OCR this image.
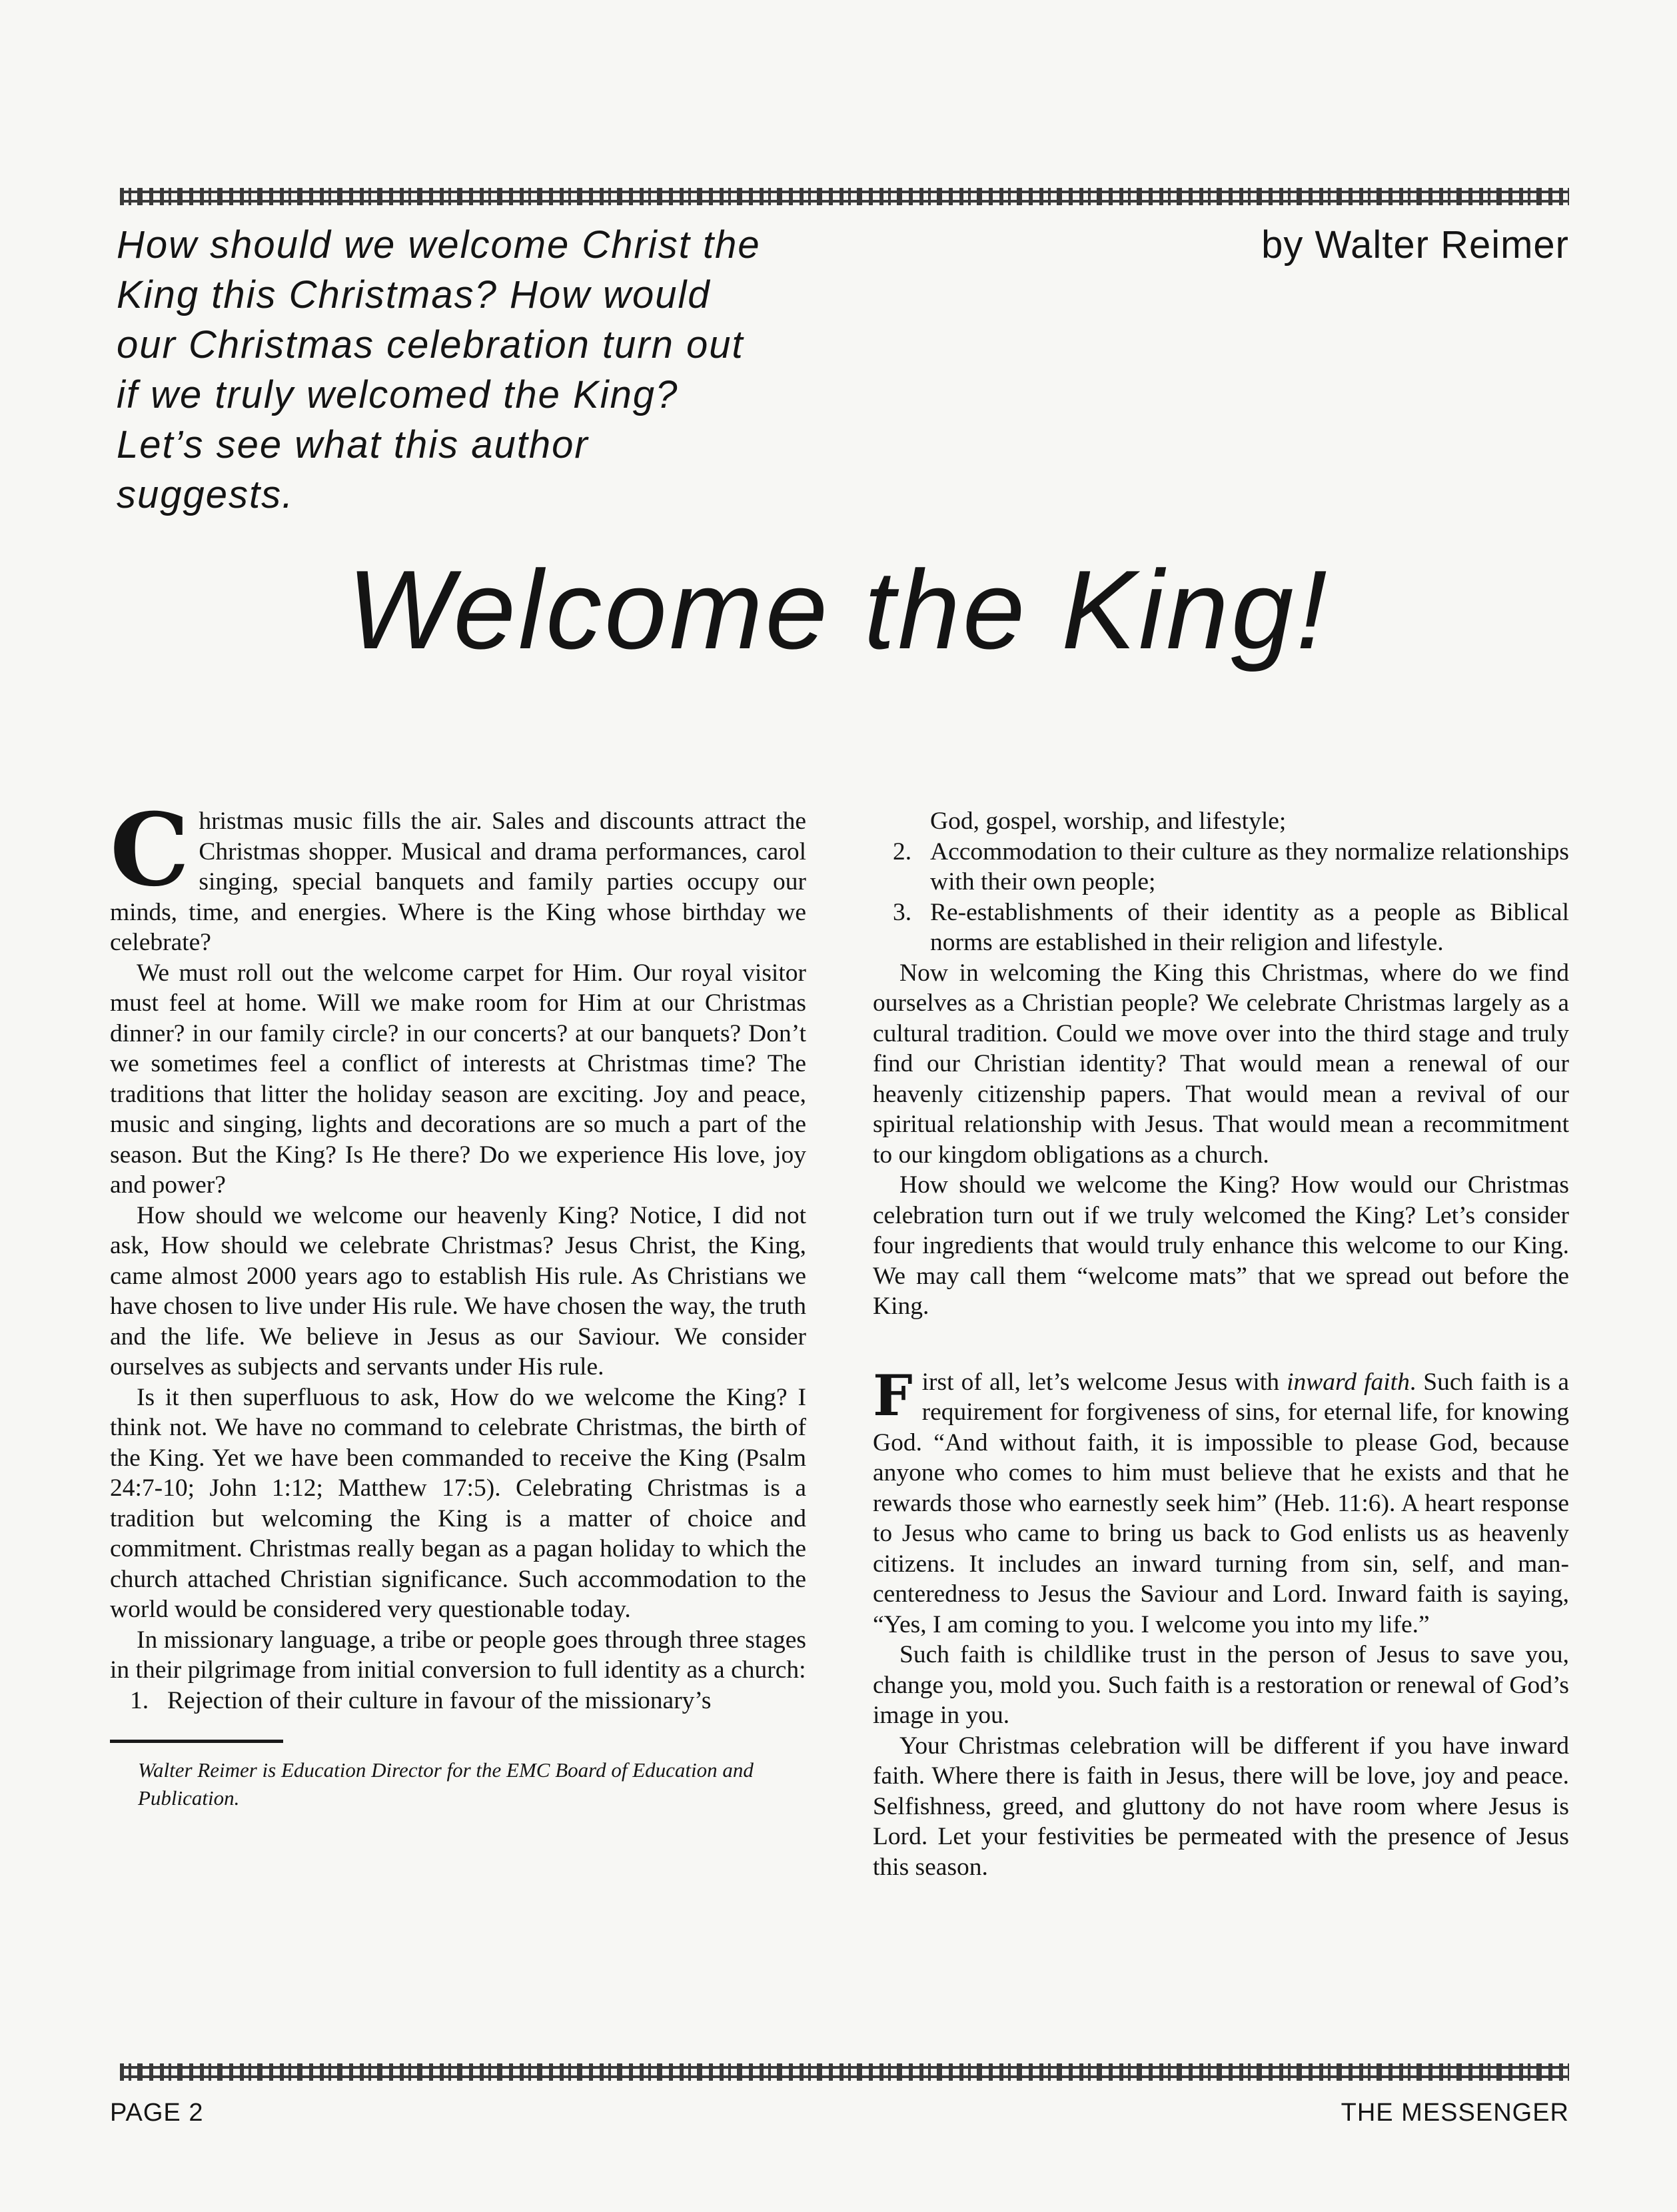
How should we welcome Christ the King this Christmas? How would our Christmas celebration turn out if we truly welcomed the King? Let’s see what this author suggests.
by Walter Reimer
Welcome the King!

Christmas music fills the air. Sales and discounts attract the Christmas shopper. Musical and drama performances, carol singing, special banquets and family parties occupy our minds, time, and energies. Where is the King whose birthday we celebrate?

We must roll out the welcome carpet for Him. Our royal visitor must feel at home. Will we make room for Him at our Christmas dinner? in our family circle? in our concerts? at our banquets? Don’t we sometimes feel a conflict of interests at Christmas time? The traditions that litter the holiday season are exciting. Joy and peace, music and singing, lights and decorations are so much a part of the season. But the King? Is He there? Do we experience His love, joy and power?

How should we welcome our heavenly King? Notice, I did not ask, How should we celebrate Christmas? Jesus Christ, the King, came almost 2000 years ago to establish His rule. As Christians we have chosen to live under His rule. We have chosen the way, the truth and the life. We believe in Jesus as our Saviour. We consider ourselves as subjects and servants under His rule.

Is it then superfluous to ask, How do we welcome the King? I think not. We have no command to celebrate Christmas, the birth of the King. Yet we have been commanded to receive the King (Psalm 24:7-10; John 1:12; Matthew 17:5). Celebrating Christmas is a tradition but welcoming the King is a matter of choice and commitment. Christmas really began as a pagan holiday to which the church attached Christian significance. Such accommodation to the world would be considered very questionable today.

In missionary language, a tribe or people goes through three stages in their pilgrimage from initial conversion to full identity as a church:

1. Rejection of their culture in favour of the missionary’s
Walter Reimer is Education Director for the EMC Board of Education and Publication.
God, gospel, worship, and lifestyle;
2. Accommodation to their culture as they normalize relationships with their own people;
3. Re-establishments of their identity as a people as Biblical norms are established in their religion and lifestyle.

Now in welcoming the King this Christmas, where do we find ourselves as a Christian people? We celebrate Christmas largely as a cultural tradition. Could we move over into the third stage and truly find our Christian identity? That would mean a renewal of our heavenly citizenship papers. That would mean a revival of our spiritual relationship with Jesus. That would mean a recommitment to our kingdom obligations as a church.

How should we welcome the King? How would our Christmas celebration turn out if we truly welcomed the King? Let’s consider four ingredients that would truly enhance this welcome to our King. We may call them “welcome mats” that we spread out before the King.

First of all, let’s welcome Jesus with inward faith. Such faith is a requirement for forgiveness of sins, for eternal life, for knowing God. “And without faith, it is impossible to please God, because anyone who comes to him must believe that he exists and that he rewards those who earnestly seek him” (Heb. 11:6). A heart response to Jesus who came to bring us back to God enlists us as heavenly citizens. It includes an inward turning from sin, self, and man-centeredness to Jesus the Saviour and Lord. Inward faith is saying, “Yes, I am coming to you. I welcome you into my life.”

Such faith is childlike trust in the person of Jesus to save you, change you, mold you. Such faith is a restoration or renewal of God’s image in you.

Your Christmas celebration will be different if you have inward faith. Where there is faith in Jesus, there will be love, joy and peace. Selfishness, greed, and gluttony do not have room where Jesus is Lord. Let your festivities be permeated with the presence of Jesus this season.

PAGE 2	THE MESSENGER
